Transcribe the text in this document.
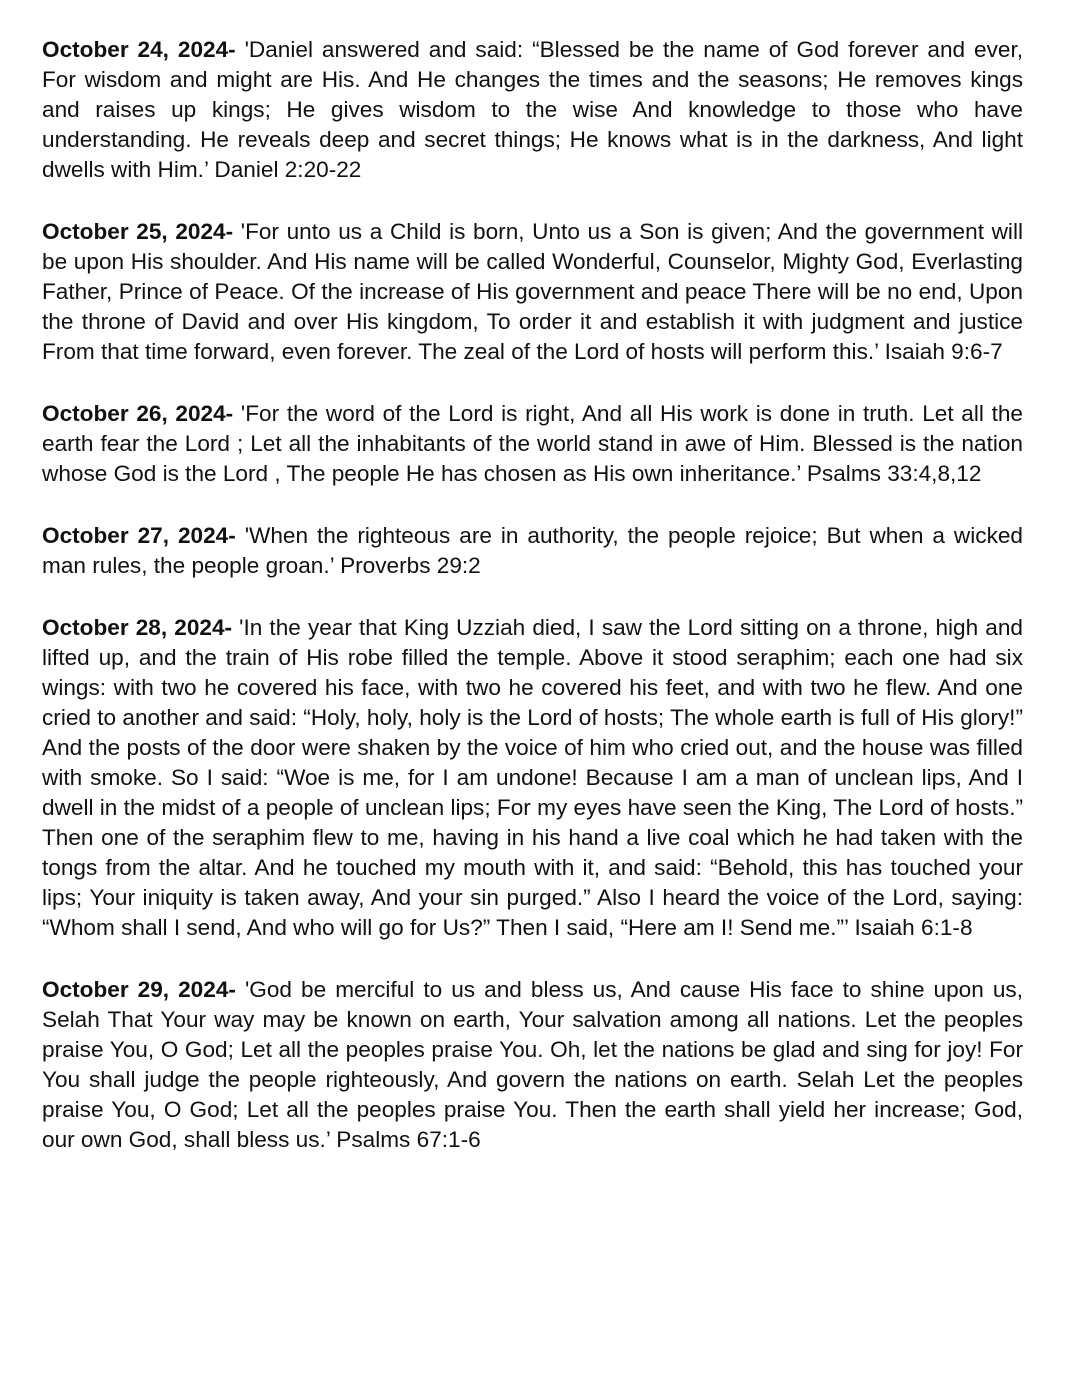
October 24, 2024- 'Daniel answered and said: “Blessed be the name of God forever and ever, For wisdom and might are His. And He changes the times and the seasons; He removes kings and raises up kings; He gives wisdom to the wise And knowledge to those who have understanding. He reveals deep and secret things; He knows what is in the darkness, And light dwells with Him.’ Daniel 2:20-22

October 25, 2024- 'For unto us a Child is born, Unto us a Son is given; And the government will be upon His shoulder. And His name will be called Wonderful, Counselor, Mighty God, Everlasting Father, Prince of Peace. Of the increase of His government and peace There will be no end, Upon the throne of David and over His kingdom, To order it and establish it with judgment and justice From that time forward, even forever. The zeal of the Lord of hosts will perform this.’ Isaiah 9:6-7

October 26, 2024- 'For the word of the Lord is right, And all His work is done in truth. Let all the earth fear the Lord ; Let all the inhabitants of the world stand in awe of Him. Blessed is the nation whose God is the Lord , The people He has chosen as His own inheritance.’ Psalms 33:4,8,12

October 27, 2024- 'When the righteous are in authority, the people rejoice; But when a wicked man rules, the people groan.’ Proverbs 29:2

October 28, 2024- 'In the year that King Uzziah died, I saw the Lord sitting on a throne, high and lifted up, and the train of His robe filled the temple. Above it stood seraphim; each one had six wings: with two he covered his face, with two he covered his feet, and with two he flew. And one cried to another and said: “Holy, holy, holy is the Lord of hosts; The whole earth is full of His glory!” And the posts of the door were shaken by the voice of him who cried out, and the house was filled with smoke. So I said: “Woe is me, for I am undone! Because I am a man of unclean lips, And I dwell in the midst of a people of unclean lips; For my eyes have seen the King, The Lord of hosts.” Then one of the seraphim flew to me, having in his hand a live coal which he had taken with the tongs from the altar. And he touched my mouth with it, and said: “Behold, this has touched your lips; Your iniquity is taken away, And your sin purged.” Also I heard the voice of the Lord, saying: “Whom shall I send, And who will go for Us?” Then I said, “Here am I! Send me.”’ Isaiah 6:1-8

October 29, 2024- 'God be merciful to us and bless us, And cause His face to shine upon us, Selah That Your way may be known on earth, Your salvation among all nations. Let the peoples praise You, O God; Let all the peoples praise You. Oh, let the nations be glad and sing for joy! For You shall judge the people righteously, And govern the nations on earth. Selah Let the peoples praise You, O God; Let all the peoples praise You. Then the earth shall yield her increase; God, our own God, shall bless us.’ Psalms 67:1-6
